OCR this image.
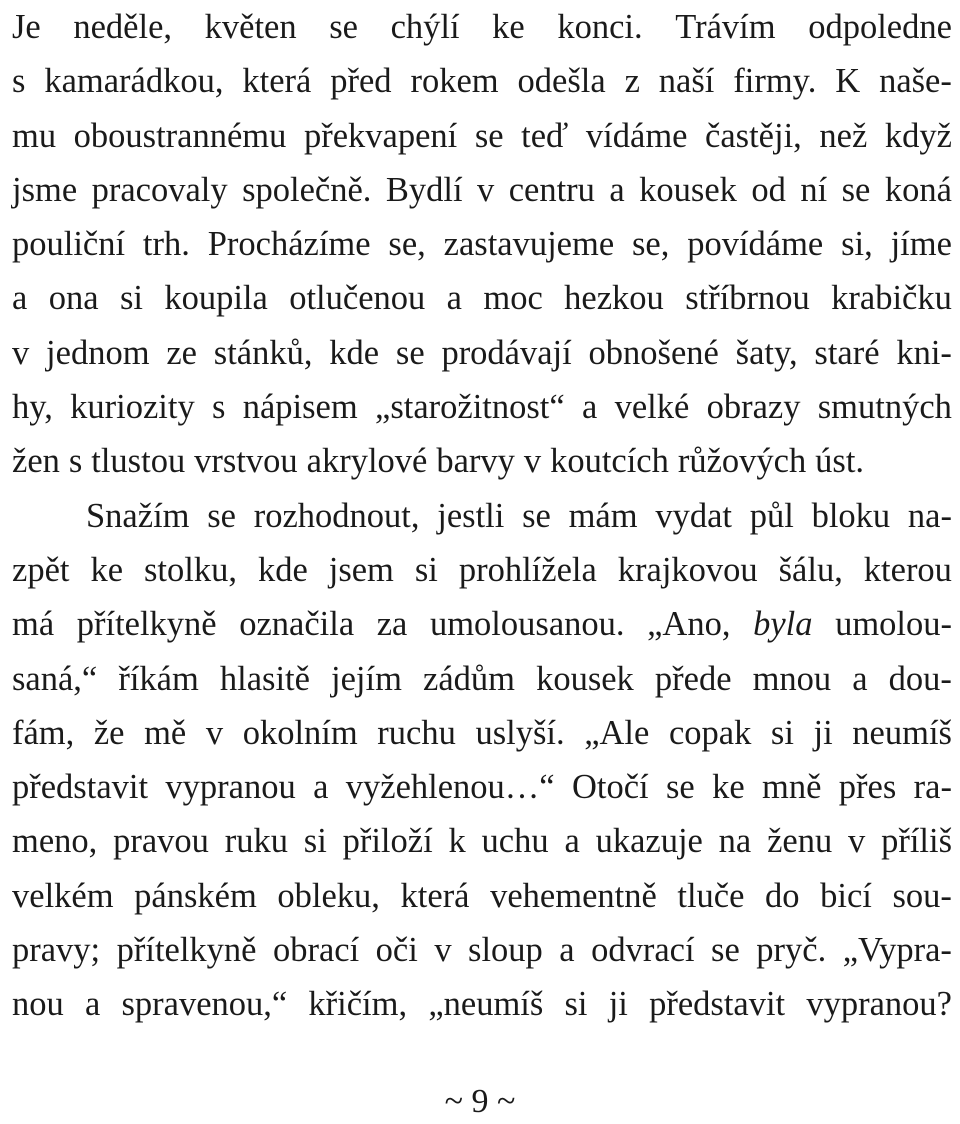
Je neděle, květen se chýlí ke konci. Trávím odpoledne
s kamarádkou, která před rokem odešla z naší firmy. K naše-
mu oboustrannému překvapení se teď vídáme častěji, než když
jsme pracovaly společně. Bydlí v centru a kousek od ní se koná
pouliční trh. Procházíme se, zastavujeme se, povídáme si, jíme
a ona si koupila otlučenou a moc hezkou stříbrnou krabičku
v jednom ze stánků, kde se prodávají obnošené šaty, staré kni-
hy, kuriozity s nápisem „starožitnost“ a velké obrazy smutných
žen s tlustou vrstvou akrylové barvy v koutcích růžových úst.
Snažím se rozhodnout, jestli se mám vydat půl bloku na-
zpět ke stolku, kde jsem si prohlížela krajkovou šálu, kterou
má přítelkyně označila za umolousanou. „Ano, byla umolou-
saná,“ říkám hlasitě jejím zádům kousek přede mnou a dou-
fám, že mě v okolním ruchu uslyší. „Ale copak si ji neumíš
představit vypranou a vyžehlenou…“ Otočí se ke mně přes ra-
meno, pravou ruku si přiloží k uchu a ukazuje na ženu v příliš
velkém pánském obleku, která vehementně tluče do bicí sou-
pravy; přítelkyně obrací oči v sloup a odvrací se pryč. „Vypra-
nou a spravenou,“ křičím, „neumíš si ji představit vypranou?
~ 9 ~
